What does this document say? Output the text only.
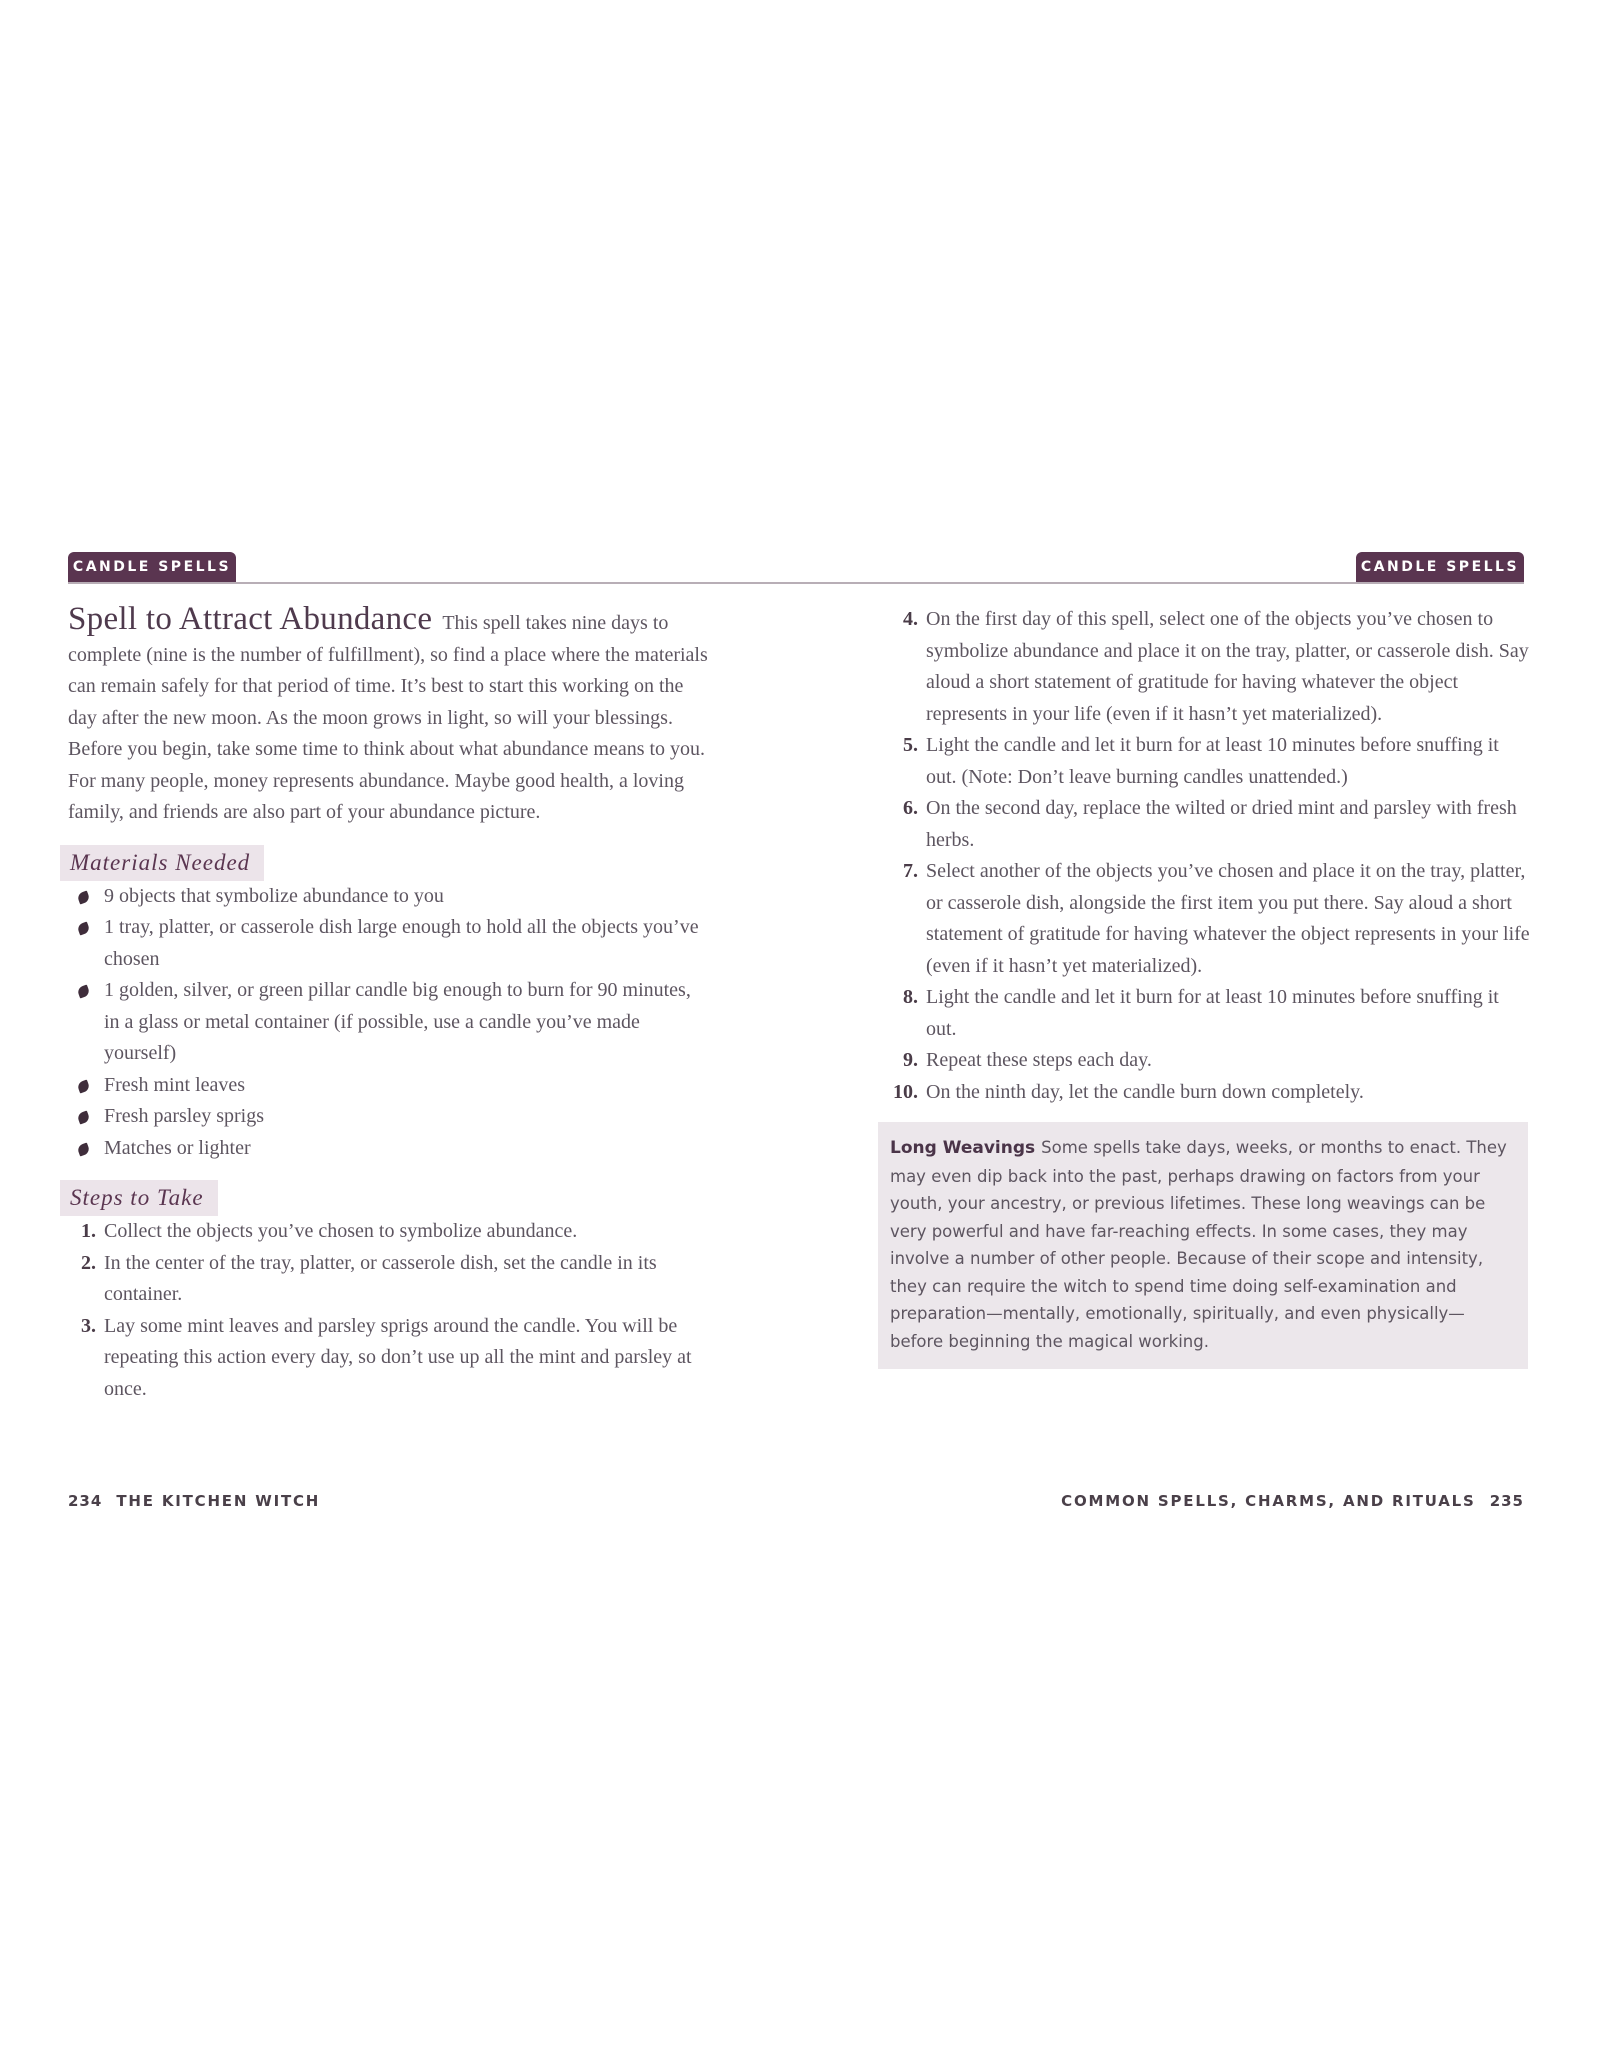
CANDLE SPELLS	CANDLE SPELLS

Spell to Attract Abundance This spell takes nine days to complete (nine is the number of fulfillment), so find a place where the materials can remain safely for that period of time. It’s best to start this working on the day after the new moon. As the moon grows in light, so will your blessings. Before you begin, take some time to think about what abundance means to you. For many people, money represents abundance. Maybe good health, a loving family, and friends are also part of your abundance picture.

Materials Needed
9 objects that symbolize abundance to you
1 tray, platter, or casserole dish large enough to hold all the objects you’ve chosen
1 golden, silver, or green pillar candle big enough to burn for 90 minutes, in a glass or metal container (if possible, use a candle you’ve made yourself)
Fresh mint leaves
Fresh parsley sprigs
Matches or lighter
Steps to Take
1. Collect the objects you’ve chosen to symbolize abundance.
2. In the center of the tray, platter, or casserole dish, set the candle in its container.
3. Lay some mint leaves and parsley sprigs around the candle. You will be repeating this action every day, so don’t use up all the mint and parsley at once.
4. On the first day of this spell, select one of the objects you’ve chosen to symbolize abundance and place it on the tray, platter, or casserole dish. Say aloud a short statement of gratitude for having whatever the object represents in your life (even if it hasn’t yet materialized).
5. Light the candle and let it burn for at least 10 minutes before snuffing it out. (Note: Don’t leave burning candles unattended.)
6. On the second day, replace the wilted or dried mint and parsley with fresh herbs.
7. Select another of the objects you’ve chosen and place it on the tray, platter, or casserole dish, alongside the first item you put there. Say aloud a short statement of gratitude for having whatever the object represents in your life (even if it hasn’t yet materialized).
8. Light the candle and let it burn for at least 10 minutes before snuffing it out.
9. Repeat these steps each day.
10. On the ninth day, let the candle burn down completely.
Long Weavings Some spells take days, weeks, or months to enact. They may even dip back into the past, perhaps drawing on factors from your youth, your ancestry, or previous lifetimes. These long weavings can be very powerful and have far-reaching effects. In some cases, they may involve a number of other people. Because of their scope and intensity, they can require the witch to spend time doing self-examination and preparation—mentally, emotionally, spiritually, and even physically—before beginning the magical working.
234 THE KITCHEN WITCH	COMMON SPELLS, CHARMS, AND RITUALS 235
